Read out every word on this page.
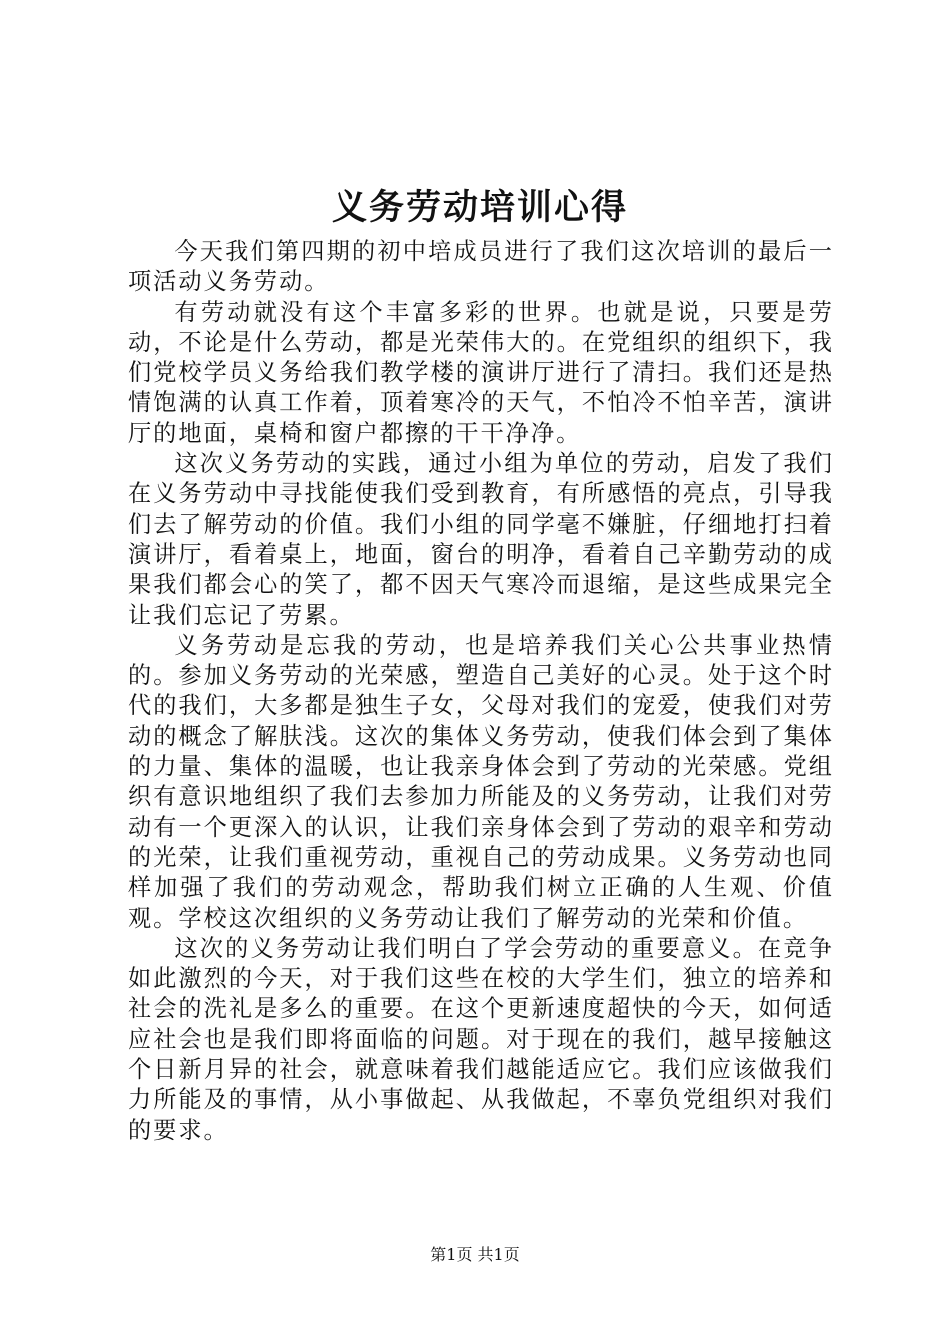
义务劳动培训心得

今天我们第四期的初中培成员进行了我们这次培训的最后一项活动义务劳动。

有劳动就没有这个丰富多彩的世界。也就是说，只要是劳动，不论是什么劳动，都是光荣伟大的。在党组织的组织下，我们党校学员义务给我们教学楼的演讲厅进行了清扫。我们还是热情饱满的认真工作着，顶着寒冷的天气，不怕冷不怕辛苦，演讲厅的地面，桌椅和窗户都擦的干干净净。

这次义务劳动的实践，通过小组为单位的劳动，启发了我们在义务劳动中寻找能使我们受到教育，有所感悟的亮点，引导我们去了解劳动的价值。我们小组的同学毫不嫌脏，仔细地打扫着演讲厅，看着桌上，地面，窗台的明净，看着自己辛勤劳动的成果我们都会心的笑了，都不因天气寒冷而退缩，是这些成果完全让我们忘记了劳累。

义务劳动是忘我的劳动，也是培养我们关心公共事业热情的。参加义务劳动的光荣感，塑造自己美好的心灵。处于这个时代的我们，大多都是独生子女，父母对我们的宠爱，使我们对劳动的概念了解肤浅。这次的集体义务劳动，使我们体会到了集体的力量、集体的温暖，也让我亲身体会到了劳动的光荣感。党组织有意识地组织了我们去参加力所能及的义务劳动，让我们对劳动有一个更深入的认识，让我们亲身体会到了劳动的艰辛和劳动的光荣，让我们重视劳动，重视自己的劳动成果。义务劳动也同样加强了我们的劳动观念，帮助我们树立正确的人生观、价值观。学校这次组织的义务劳动让我们了解劳动的光荣和价值。

这次的义务劳动让我们明白了学会劳动的重要意义。在竞争如此激烈的今天，对于我们这些在校的大学生们，独立的培养和社会的洗礼是多么的重要。在这个更新速度超快的今天，如何适应社会也是我们即将面临的问题。对于现在的我们，越早接触这个日新月异的社会，就意味着我们越能适应它。我们应该做我们力所能及的事情，从小事做起、从我做起，不辜负党组织对我们的要求。

第1页 共1页
